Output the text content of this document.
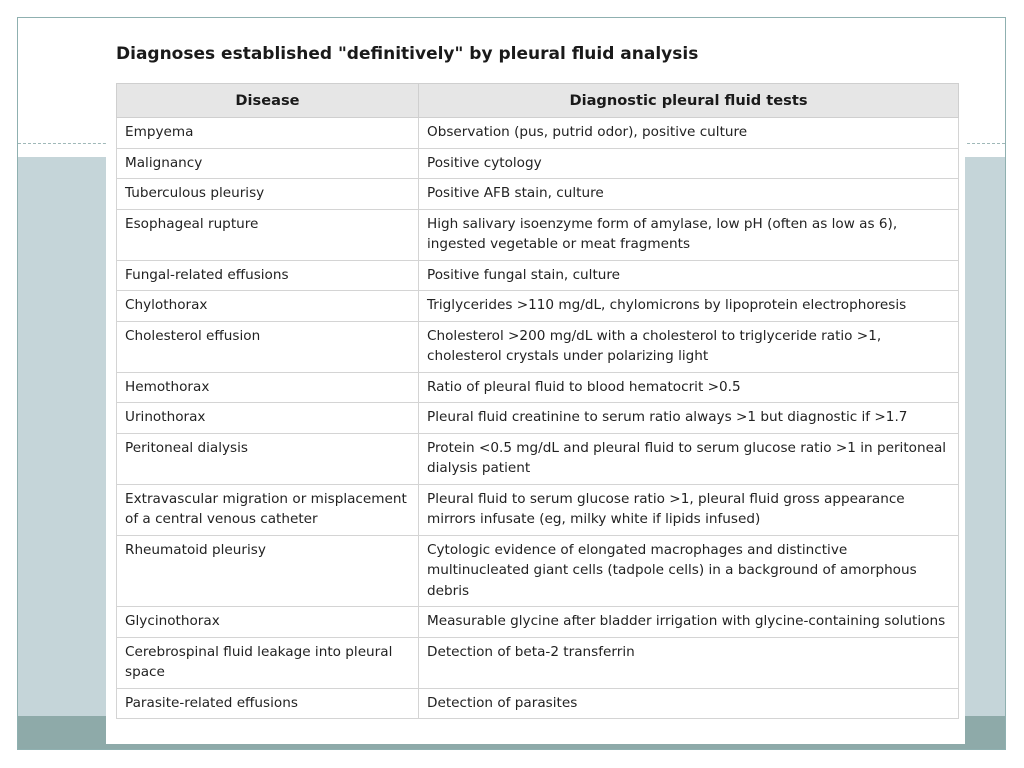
Diagnoses established "definitively" by pleural fluid analysis
Disease	Diagnostic pleural fluid tests
Empyema	Observation (pus, putrid odor), positive culture
Malignancy	Positive cytology
Tuberculous pleurisy	Positive AFB stain, culture
Esophageal rupture	High salivary isoenzyme form of amylase, low pH (often as low as 6), ingested vegetable or meat fragments
Fungal-related effusions	Positive fungal stain, culture
Chylothorax	Triglycerides >110 mg/dL, chylomicrons by lipoprotein electrophoresis
Cholesterol effusion	Cholesterol >200 mg/dL with a cholesterol to triglyceride ratio >1, cholesterol crystals under polarizing light
Hemothorax	Ratio of pleural fluid to blood hematocrit >0.5
Urinothorax	Pleural fluid creatinine to serum ratio always >1 but diagnostic if >1.7
Peritoneal dialysis	Protein <0.5 mg/dL and pleural fluid to serum glucose ratio >1 in peritoneal dialysis patient
Extravascular migration or misplacement of a central venous catheter	Pleural fluid to serum glucose ratio >1, pleural fluid gross appearance mirrors infusate (eg, milky white if lipids infused)
Rheumatoid pleurisy	Cytologic evidence of elongated macrophages and distinctive multinucleated giant cells (tadpole cells) in a background of amorphous debris
Glycinothorax	Measurable glycine after bladder irrigation with glycine-containing solutions
Cerebrospinal fluid leakage into pleural space	Detection of beta-2 transferrin
Parasite-related effusions	Detection of parasites
